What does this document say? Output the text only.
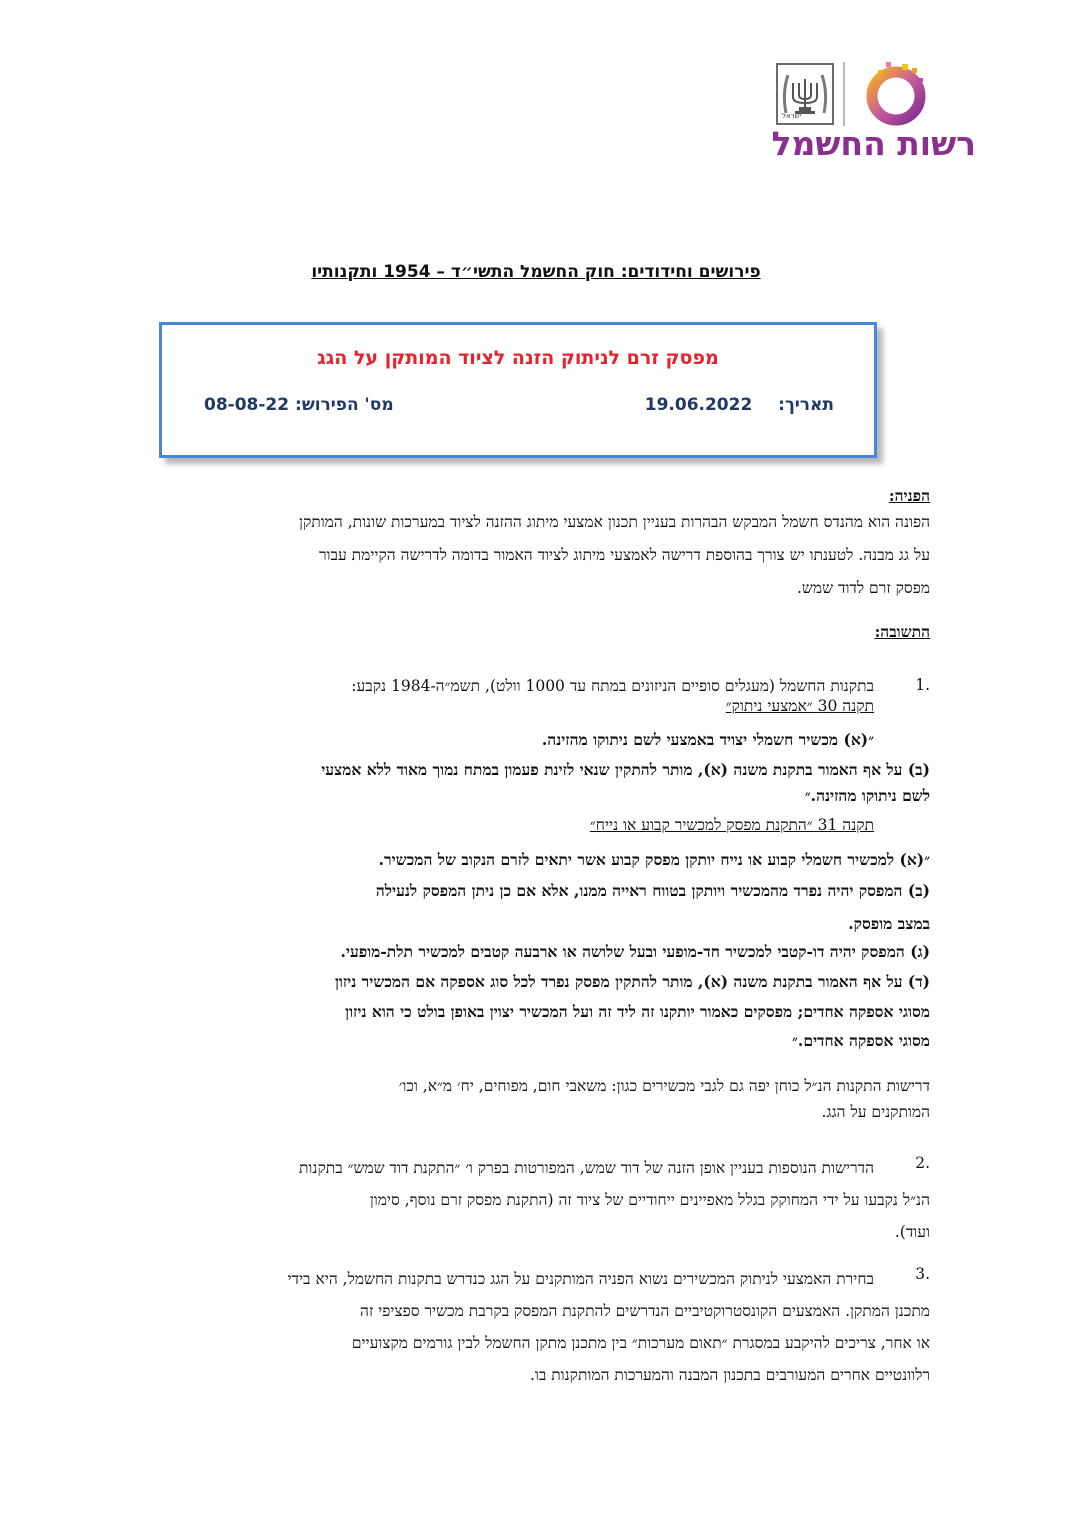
ישראל
רשות החשמל
פירושים וחידודים: חוק החשמל התשי״ד – 1954 ותקנותיו
מפסק זרם לניתוק הזנה לציוד המותקן על הגג
תאריך:  19.06.2022
מס' הפירוש: 08-08-22
הפניה:
הפונה הוא מהנדס חשמל המבקש הבהרות בעניין תכנון אמצעי מיתוג ההזנה לציוד במערכות שונות, המותקן
על גג מבנה. לטענתו יש צורך בהוספת דרישה לאמצעי מיתוג לציוד האמור בדומה לדרישה הקיימת עבור
מפסק זרם לדוד שמש.
התשובה:
.1
בתקנות החשמל (מעגלים סופיים הניזונים במתח עד 1000 וולט), תשמ״ה-1984 נקבע:
תקנה 30 ״אמצעי ניתוק״
״(א) מכשיר חשמלי יצויד באמצעי לשם ניתוקו מהזינה.
(ב) על אף האמור בתקנת משנה (א), מותר להתקין שנאי לזינת פעמון במתח נמוך מאוד ללא אמצעי
לשם ניתוקו מהזינה.״
תקנה 31 ״התקנת מפסק למכשיר קבוע או נייח״
״(א) למכשיר חשמלי קבוע או נייח יותקן מפסק קבוע אשר יתאים לזרם הנקוב של המכשיר.
(ב) המפסק יהיה נפרד מהמכשיר ויותקן בטווח ראייה ממנו, אלא אם כן ניתן המפסק לנעילה
במצב מופסק.
(ג) המפסק יהיה דו-קטבי למכשיר חד-מופעי ובעל שלושה או ארבעה קטבים למכשיר תלת-מופעי.
(ד) על אף האמור בתקנת משנה (א), מותר להתקין מפסק נפרד לכל סוג אספקה אם המכשיר ניזון
מסוגי אספקה אחדים; מפסקים כאמור יותקנו זה ליד זה ועל המכשיר יצוין באופן בולט כי הוא ניזון
מסוגי אספקה אחדים.״
דרישות התקנות הנ״ל כוחן יפה גם לגבי מכשירים כגון: משאבי חום, מפוחים, יח׳ מ״א, וכו׳
המותקנים על הגג.
.2
הדרישות הנוספות בעניין אופן הזנה של דוד שמש, המפורטות בפרק ו׳ ״התקנת דוד שמש״ בתקנות
הנ״ל נקבעו על ידי המחוקק בגלל מאפיינים ייחודיים של ציוד זה (התקנת מפסק זרם נוסף, סימון
ועוד).
.3
בחירת האמצעי לניתוק המכשירים נשוא הפניה המותקנים על הגג כנדרש בתקנות החשמל, היא בידי
מתכנן המתקן. האמצעים הקונסטרוקטיביים הנדרשים להתקנת המפסק בקרבת מכשיר ספציפי זה
או אחר, צריכים להיקבע במסגרת ״תאום מערכות״ בין מתכנן מתקן החשמל לבין גורמים מקצועיים
רלוונטיים אחרים המעורבים בתכנון המבנה והמערכות המותקנות בו.
